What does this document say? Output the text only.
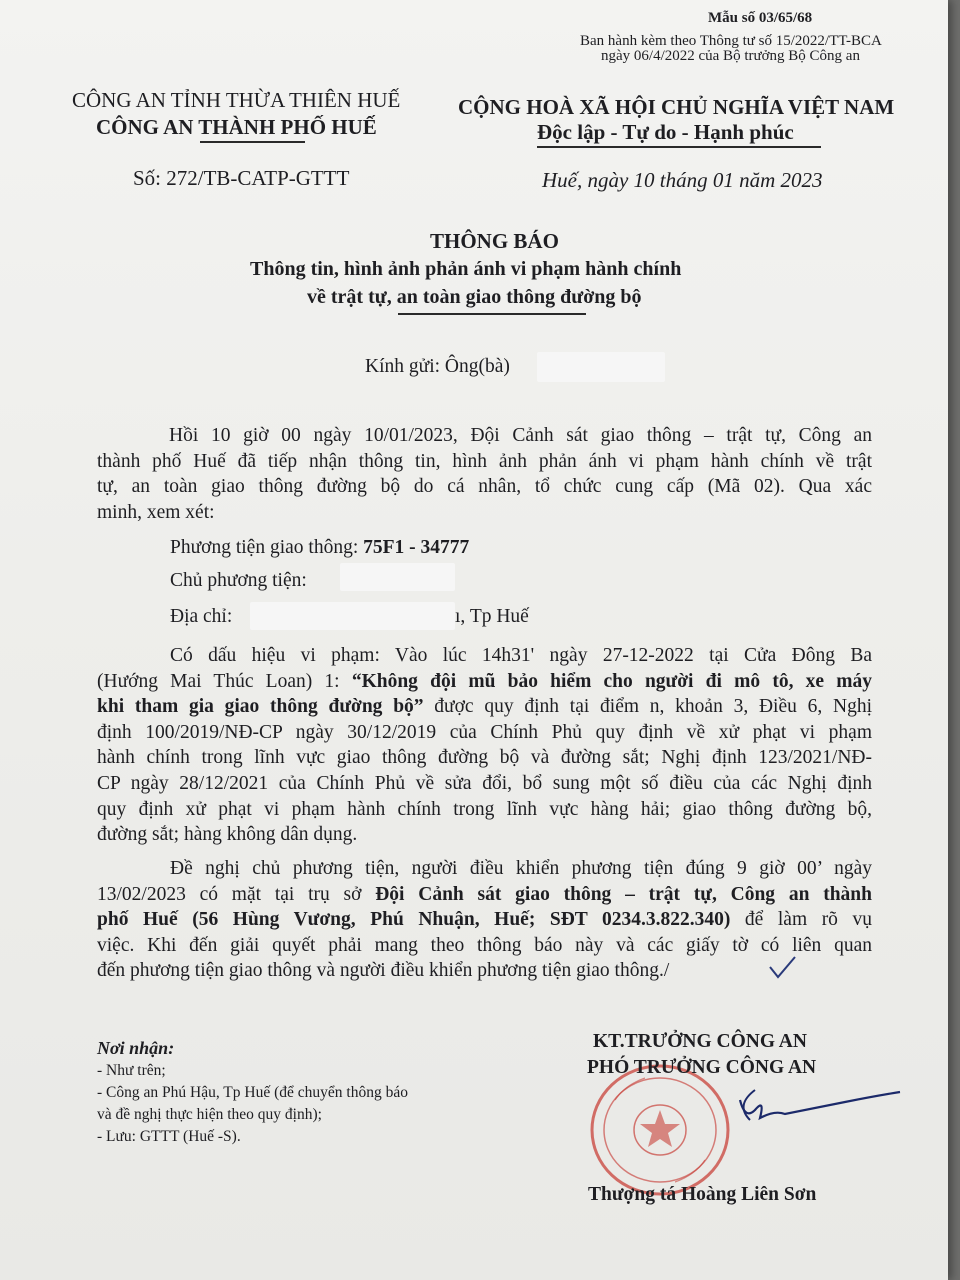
Mẫu số 03/65/68
Ban hành kèm theo Thông tư số 15/2022/TT-BCA
ngày 06/4/2022 của Bộ trưởng Bộ Công an
CÔNG AN TỈNH THỪA THIÊN HUẾ
CÔNG AN THÀNH PHỐ HUẾ
Số: 272/TB-CATP-GTTT
CỘNG HOÀ XÃ HỘI CHỦ NGHĨA VIỆT NAM
Độc lập - Tự do - Hạnh phúc
Huế, ngày 10 tháng 01 năm 2023
THÔNG BÁO
Thông tin, hình ảnh phản ánh vi phạm hành chính
về trật tự, an toàn giao thông đường bộ
Kính gửi: Ông(bà)
Hồi 10 giờ 00 ngày 10/01/2023, Đội Cảnh sát giao thông – trật tự, Công an
thành phố Huế đã tiếp nhận thông tin, hình ảnh phản ánh vi phạm hành chính về trật
tự, an toàn giao thông đường bộ do cá nhân, tổ chức cung cấp (Mã 02). Qua xác
minh, xem xét:
Phương tiện giao thông: 75F1 - 34777
Chủ phương tiện:
Địa chỉ:	ı, Tp Huế
Có dấu hiệu vi phạm: Vào lúc 14h31' ngày 27-12-2022 tại Cửa Đông Ba
(Hướng Mai Thúc Loan) 1: “Không đội mũ bảo hiểm cho người đi mô tô, xe máy
khi tham gia giao thông đường bộ” được quy định tại điểm n, khoản 3, Điều 6, Nghị
định 100/2019/NĐ-CP ngày 30/12/2019 của Chính Phủ quy định về xử phạt vi phạm
hành chính trong lĩnh vực giao thông đường bộ và đường sắt; Nghị định 123/2021/NĐ-
CP ngày 28/12/2021 của Chính Phủ về sửa đổi, bổ sung một số điều của các Nghị định
quy định xử phạt vi phạm hành chính trong lĩnh vực hàng hải; giao thông đường bộ,
đường sắt; hàng không dân dụng.
Đề nghị chủ phương tiện, người điều khiển phương tiện đúng 9 giờ 00’ ngày
13/02/2023 có mặt tại trụ sở Đội Cảnh sát giao thông – trật tự, Công an thành
phố Huế (56 Hùng Vương, Phú Nhuận, Huế; SĐT 0234.3.822.340) để làm rõ vụ
việc. Khi đến giải quyết phải mang theo thông báo này và các giấy tờ có liên quan
đến phương tiện giao thông và người điều khiển phương tiện giao thông./
Nơi nhận:
- Như trên;
- Công an Phú Hậu, Tp Huế (để chuyển thông báo
và đề nghị thực hiện theo quy định);
- Lưu: GTTT (Huế -S).
KT.TRƯỞNG CÔNG AN
PHÓ TRƯỞNG CÔNG AN
Thượng tá Hoàng Liên Sơn
